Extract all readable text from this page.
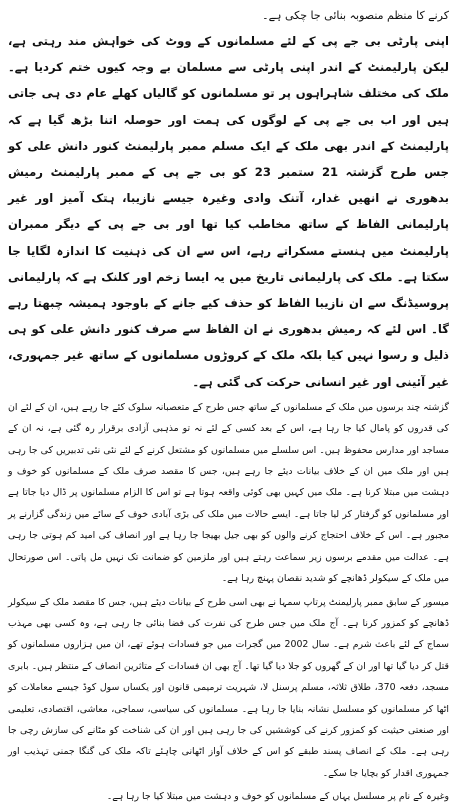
کرنے کا منظم منصوبہ بنائی جا چکی ہے۔

اپنی پارٹی بی جے پی کے لئے مسلمانوں کے ووٹ کی خواہش مند رہتی ہے، لیکن پارلیمنٹ کے اندر اپنی پارٹی سے مسلمان بے وجہ کیوں ختم کردیا ہے۔ ملک کی مختلف شاہراہوں پر تو مسلمانوں کو گالیاں کھلے عام دی ہی جاتی ہیں اور اب بی جے پی کے لوگوں کی ہمت اور حوصلہ اتنا بڑھ گیا ہے کہ پارلیمنٹ کے اندر بھی ملک کے ایک مسلم ممبر پارلیمنٹ کنور دانش علی کو جس طرح گزشتہ 21 ستمبر 23 کو بی جے پی کے ممبر پارلیمنٹ رمیش بدھوری نے انھیں غدار، آتنک وادی وغیرہ جیسے نازیبا، ہتک آمیز اور غیر پارلیمانی الفاظ کے ساتھ مخاطب کیا تھا اور بی جے پی کے دیگر ممبران پارلیمنٹ میں ہنستے مسکراتے رہے، اس سے ان کی ذہنیت کا اندازہ لگایا جا سکتا ہے۔ ملک کی پارلیمانی تاریخ میں یہ ایسا زخم اور کلنک ہے کہ پارلیمانی پروسیڈنگ سے ان نازیبا الفاظ کو حذف کیے جانے کے باوجود ہمیشہ چبھتا رہے گا۔ اس لئے کہ رمیش بدھوری نے ان الفاظ سے صرف کنور دانش علی کو ہی ذلیل و رسوا نہیں کیا بلکہ ملک کے کروڑوں مسلمانوں کے ساتھ غیر جمہوری، غیر آئینی اور غیر انسانی حرکت کی گئی ہے۔

گزشتہ چند برسوں میں ملک کے مسلمانوں کے ساتھ جس طرح کے متعصبانہ سلوک کئے جا رہے ہیں، ان کے لئے ان کی قدروں کو پامال کیا جا رہا ہے، اس کے بعد کسی کے لئے نہ تو مذہبی آزادی برقرار رہ گئی ہے، نہ ان کے مساجد اور مدارس محفوظ ہیں۔ اس سلسلے میں مسلمانوں کو مشتعل کرنے کے لئے نئی نئی تدبیریں کی جا رہی ہیں اور ملک میں ان کے خلاف بیانات دیئے جا رہے ہیں، جس کا مقصد صرف ملک کے مسلمانوں کو خوف و دہشت میں مبتلا کرنا ہے۔ ملک میں کہیں بھی کوئی واقعہ ہوتا ہے تو اس کا الزام مسلمانوں پر ڈال دیا جاتا ہے اور مسلمانوں کو گرفتار کر لیا جاتا ہے۔ ایسے حالات میں ملک کی بڑی آبادی خوف کے سائے میں زندگی گزارنے پر مجبور ہے۔ اس کے خلاف احتجاج کرنے والوں کو بھی جیل بھیجا جا رہا ہے اور انصاف کی امید کم ہوتی جا رہی ہے۔ عدالت میں مقدمے برسوں زیر سماعت رہتے ہیں اور ملزمین کو ضمانت تک نہیں مل پاتی۔ اس صورتحال میں ملک کے سیکولر ڈھانچے کو شدید نقصان پہنچ رہا ہے۔

میسور کے سابق ممبر پارلیمنٹ پرتاپ سمہا نے بھی اسی طرح کے بیانات دیئے ہیں، جس کا مقصد ملک کے سیکولر ڈھانچے کو کمزور کرنا ہے۔ آج ملک میں جس طرح کی نفرت کی فضا بنائی جا رہی ہے، وہ کسی بھی مہذب سماج کے لئے باعث شرم ہے۔ سال 2002 میں گجرات میں جو فسادات ہوئے تھے، ان میں ہزاروں مسلمانوں کو قتل کر دیا گیا تھا اور ان کے گھروں کو جلا دیا گیا تھا۔ آج بھی ان فسادات کے متاثرین انصاف کے منتظر ہیں۔ بابری مسجد، دفعہ 370، طلاق ثلاثہ، مسلم پرسنل لا، شہریت ترمیمی قانون اور یکساں سول کوڈ جیسے معاملات کو اٹھا کر مسلمانوں کو مسلسل نشانہ بنایا جا رہا ہے۔ مسلمانوں کی سیاسی، سماجی، معاشی، اقتصادی، تعلیمی اور صنعتی حیثیت کو کمزور کرنے کی کوششیں کی جا رہی ہیں اور ان کی شناخت کو مٹانے کی سازش رچی جا رہی ہے۔ ملک کے انصاف پسند طبقے کو اس کے خلاف آواز اٹھانی چاہئے تاکہ ملک کی گنگا جمنی تہذیب اور جمہوری اقدار کو بچایا جا سکے۔

وغیرہ کے نام پر مسلسل یہاں کے مسلمانوں کو خوف و دہشت میں مبتلا کیا جا رہا ہے۔
